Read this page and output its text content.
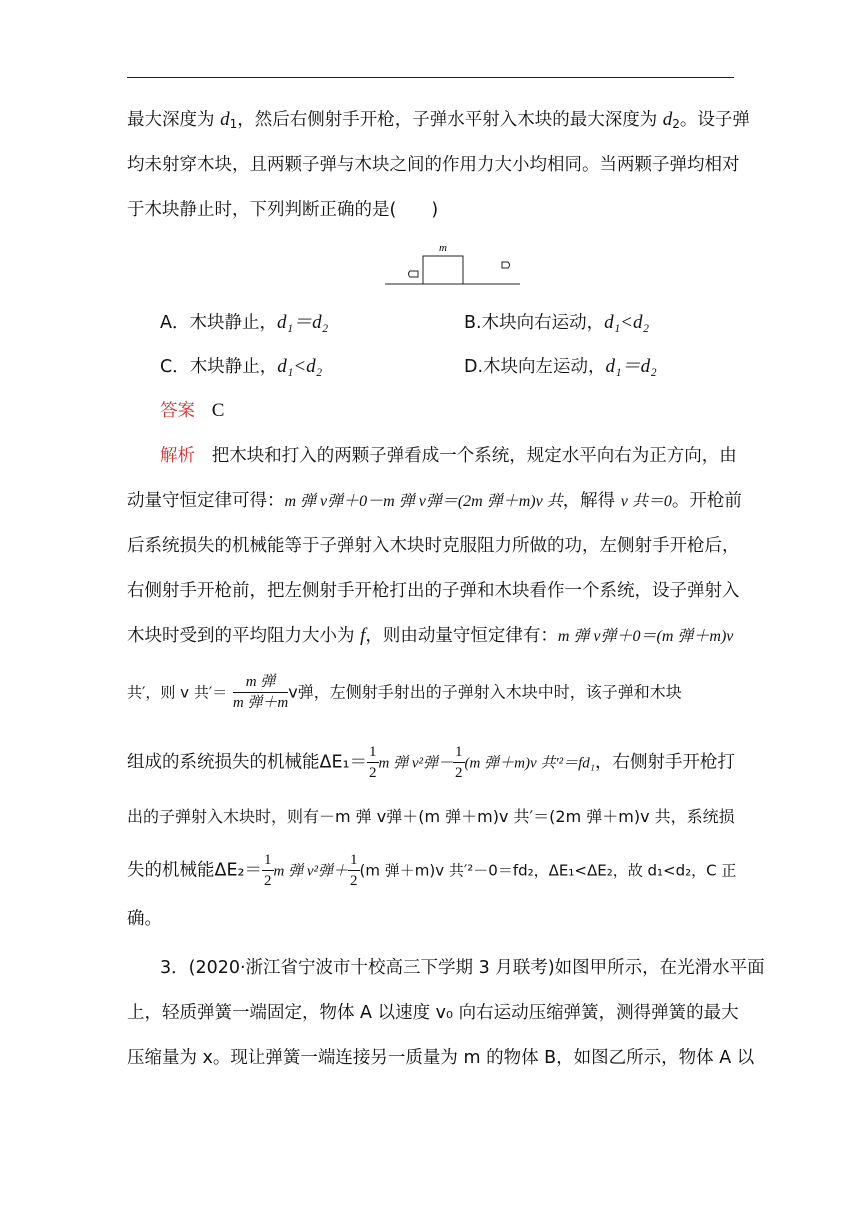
最大深度为 $d_1$，然后右侧射手开枪，子弹水平射入木块的最大深度为 $d_2$。设子弹
均未射穿木块，且两颗子弹与木块之间的作用力大小均相同。当两颗子弹均相对
于木块静止时，下列判断正确的是(　　)
m
A．木块静止，d₁＝d₂	B.木块向右运动，d₁<d₂
C．木块静止，d₁<d₂	D.木块向左运动，d₁＝d₂
答案 C
解析 把木块和打入的两颗子弹看成一个系统，规定水平向右为正方向，由
动量守恒定律可得：m 弹 v弹＋0－m 弹 v弹＝(2m 弹＋m)v 共，解得 v 共＝0。开枪前
后系统损失的机械能等于子弹射入木块时克服阻力所做的功，左侧射手开枪后，
右侧射手开枪前，把左侧射手开枪打出的子弹和木块看作一个系统，设子弹射入
木块时受到的平均阻力大小为 f，则由动量守恒定律有：m 弹 v弹＋0＝(m 弹＋m)v
共′，则 v 共′＝ $\frac{\text{m 弹}}{\text{m 弹＋m}}$ v弹，左侧射手射出的子弹射入木块中时，该子弹和木块
组成的系统损失的机械能$\Delta E_1= \frac{1}{2}$ m 弹 v²弹－ $\frac{1}{2} (m$ 弹＋m)v 共′²＝fd₁，右侧射手开枪打
出的子弹射入木块时，则有－m 弹 v弹＋(m 弹＋m)v 共′＝(2m 弹＋m)v 共，系统损
失的机械能$\Delta E_2= \frac{1}{2}$ m 弹 v²弹＋ $\frac{1}{2} (m$ 弹＋m)v 共′²－0＝fd₂，ΔE₁<ΔE₂，故 d₁<d₂，C 正
确。
3．(2020·浙江省宁波市十校高三下学期 3 月联考)如图甲所示，在光滑水平面
上，轻质弹簧一端固定，物体 A 以速度 v₀ 向右运动压缩弹簧，测得弹簧的最大
压缩量为 x。现让弹簧一端连接另一质量为 m 的物体 B，如图乙所示，物体 A 以
